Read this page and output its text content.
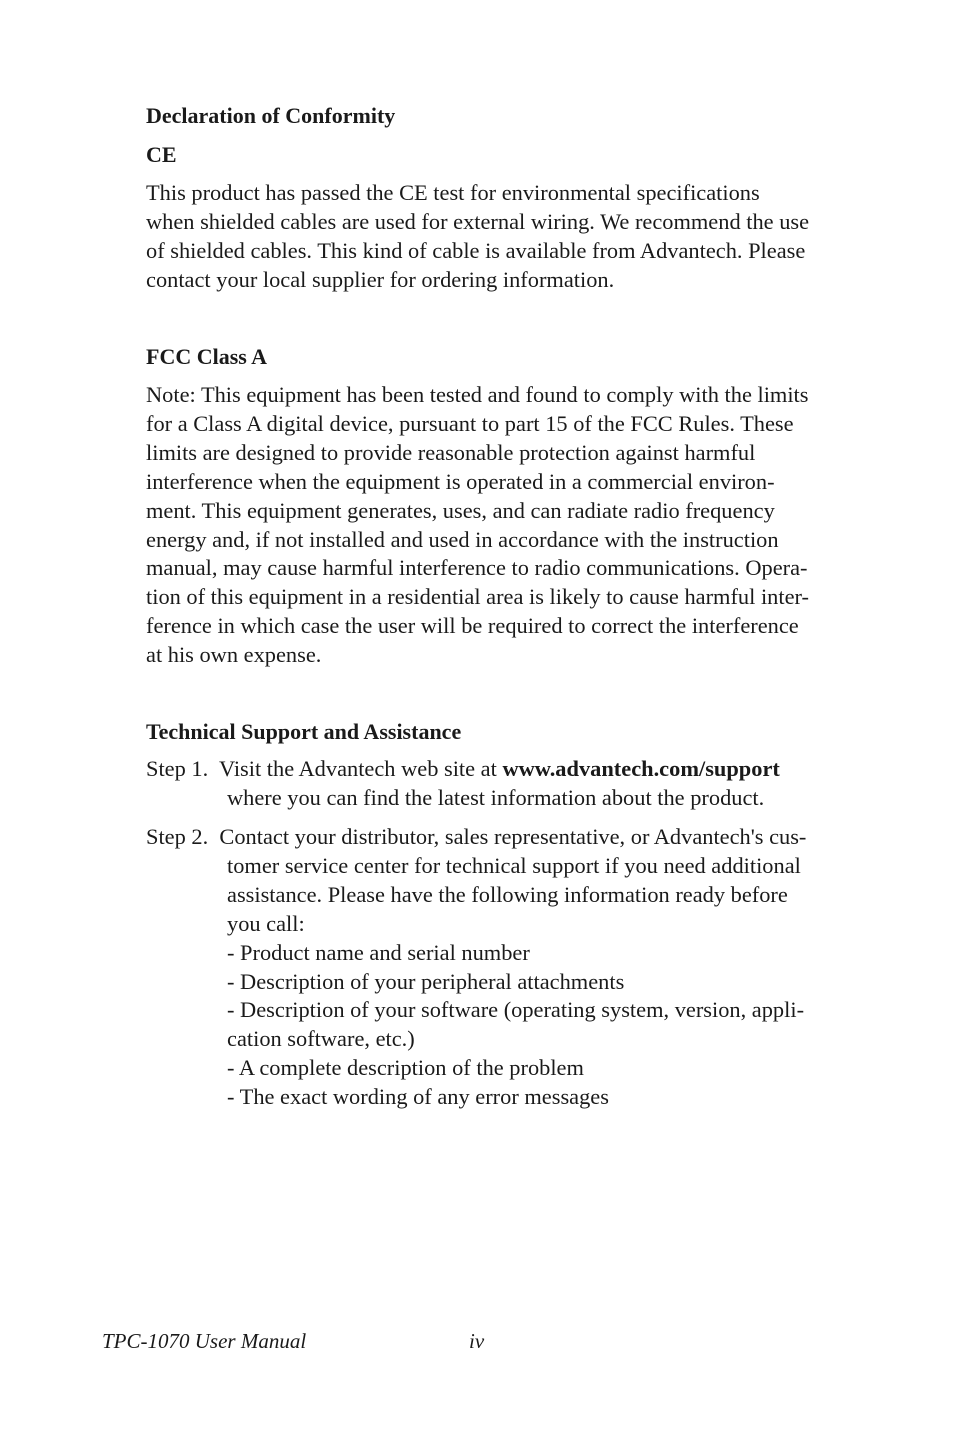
Declaration of Conformity
CE

This product has passed the CE test for environmental specifications
when shielded cables are used for external wiring. We recommend the use
of shielded cables. This kind of cable is available from Advantech. Please
contact your local supplier for ordering information.

FCC Class A

Note: This equipment has been tested and found to comply with the limits
for a Class A digital device, pursuant to part 15 of the FCC Rules. These
limits are designed to provide reasonable protection against harmful
interference when the equipment is operated in a commercial environ-
ment. This equipment generates, uses, and can radiate radio frequency
energy and, if not installed and used in accordance with the instruction
manual, may cause harmful interference to radio communications. Opera-
tion of this equipment in a residential area is likely to cause harmful inter-
ference in which case the user will be required to correct the interference
at his own expense.

Technical Support and Assistance
Step 1.  Visit the Advantech web site at www.advantech.com/support
where you can find the latest information about the product.
Step 2.  Contact your distributor, sales representative, or Advantech's cus-
tomer service center for technical support if you need additional
assistance. Please have the following information ready before
you call:
- Product name and serial number
- Description of your peripheral attachments
- Description of your software (operating system, version, appli-
cation software, etc.)
- A complete description of the problem
- The exact wording of any error messages
TPC-1070 User Manual	iv
